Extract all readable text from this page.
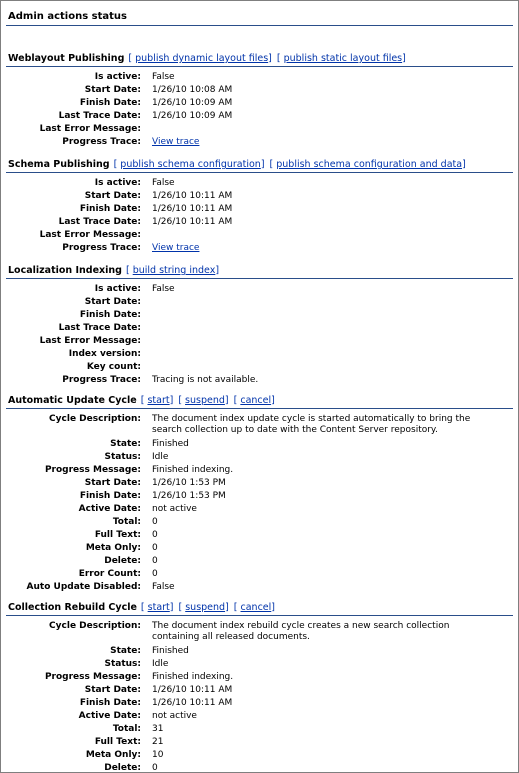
Admin actions status
Weblayout Publishing [ publish dynamic layout files] [ publish static layout files]
Is active: False
Start Date: 1/26/10 10:08 AM
Finish Date: 1/26/10 10:09 AM
Last Trace Date: 1/26/10 10:09 AM
Last Error Message:
Progress Trace: View trace
Schema Publishing [ publish schema configuration] [ publish schema configuration and data]
Is active: False
Start Date: 1/26/10 10:11 AM
Finish Date: 1/26/10 10:11 AM
Last Trace Date: 1/26/10 10:11 AM
Last Error Message:
Progress Trace: View trace
Localization Indexing [ build string index]
Is active: False
Start Date:
Finish Date:
Last Trace Date:
Last Error Message:
Index version:
Key count:
Progress Trace: Tracing is not available.
Automatic Update Cycle [ start] [ suspend] [ cancel]
Cycle Description: The document index update cycle is started automatically to bring the search collection up to date with the Content Server repository.
State: Finished
Status: Idle
Progress Message: Finished indexing.
Start Date: 1/26/10 1:53 PM
Finish Date: 1/26/10 1:53 PM
Active Date: not active
Total: 0
Full Text: 0
Meta Only: 0
Delete: 0
Error Count: 0
Auto Update Disabled: False
Collection Rebuild Cycle [ start] [ suspend] [ cancel]
Cycle Description: The document index rebuild cycle creates a new search collection containing all released documents.
State: Finished
Status: Idle
Progress Message: Finished indexing.
Start Date: 1/26/10 10:11 AM
Finish Date: 1/26/10 10:11 AM
Active Date: not active
Total: 31
Full Text: 21
Meta Only: 10
Delete: 0
